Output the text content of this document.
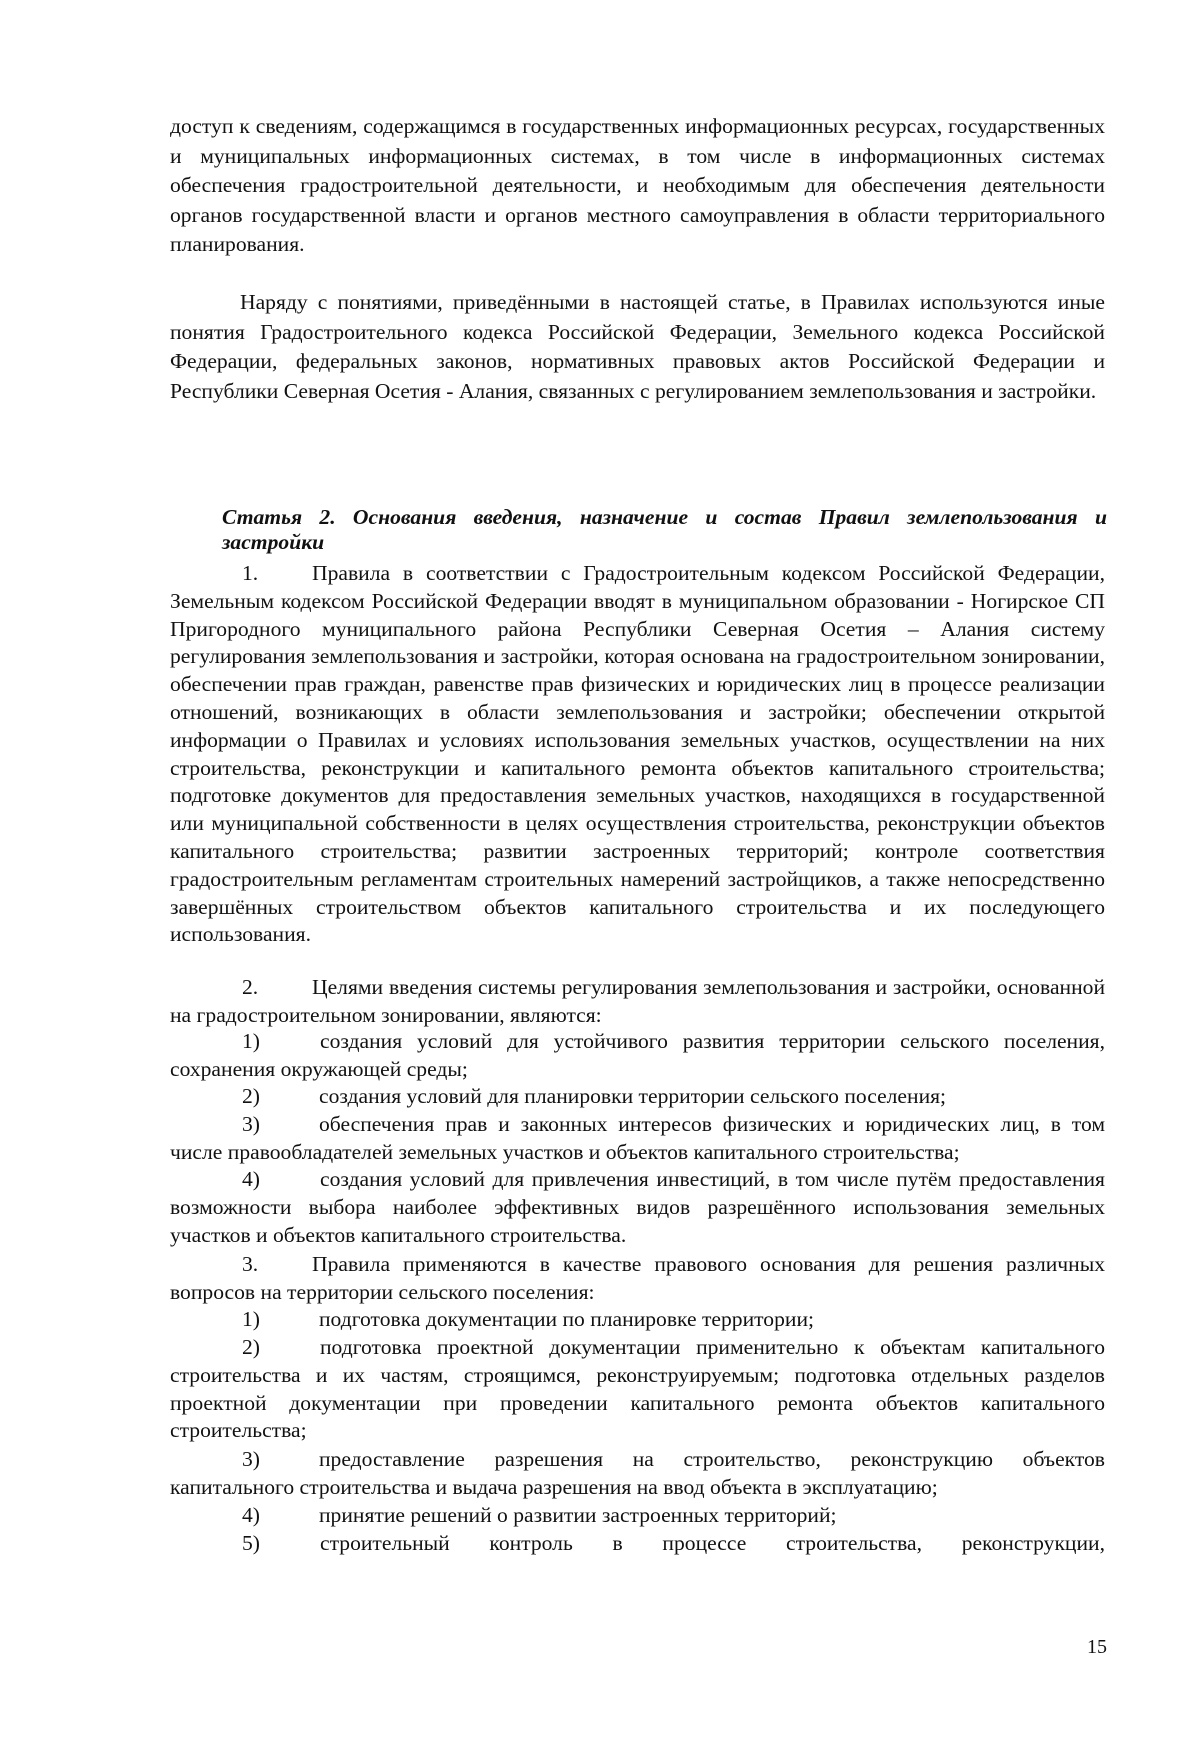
доступ к сведениям, содержащимся в государственных информационных ресурсах, государственных и муниципальных информационных системах, в том числе в информационных системах обеспечения градостроительной деятельности, и необходимым для обеспечения деятельности органов государственной власти и органов местного самоуправления в области территориального планирования.

Наряду с понятиями, приведёнными в настоящей статье, в Правилах используются иные понятия Градостроительного кодекса Российской Федерации, Земельного кодекса Российской Федерации, федеральных законов, нормативных правовых актов Российской Федерации и Республики Северная Осетия - Алания, связанных с регулированием землепользования и застройки.

Статья 2. Основания введения, назначение и состав Правил землепользования и застройки

1. Правила в соответствии с Градостроительным кодексом Российской Федерации, Земельным кодексом Российской Федерации вводят в муниципальном образовании - Ногирское СП Пригородного муниципального района Республики Северная Осетия – Алания систему регулирования землепользования и застройки, которая основана на градостроительном зонировании, обеспечении прав граждан, равенстве прав физических и юридических лиц в процессе реализации отношений, возникающих в области землепользования и застройки; обеспечении открытой информации о Правилах и условиях использования земельных участков, осуществлении на них строительства, реконструкции и капитального ремонта объектов капитального строительства; подготовке документов для предоставления земельных участков, находящихся в государственной или муниципальной собственности в целях осуществления строительства, реконструкции объектов капитального строительства; развитии застроенных территорий; контроле соответствия градостроительным регламентам строительных намерений застройщиков, а также непосредственно завершённых строительством объектов капитального строительства и их последующего использования.

2. Целями введения системы регулирования землепользования и застройки, основанной на градостроительном зонировании, являются:

1)	создания условий для устойчивого развития территории сельского поселения, сохранения окружающей среды;

2)	создания условий для планировки территории сельского поселения;

3)	обеспечения прав и законных интересов физических и юридических лиц, в том числе правообладателей земельных участков и объектов капитального строительства;

4)	создания условий для привлечения инвестиций, в том числе путём предоставления возможности выбора наиболее эффективных видов разрешённого использования земельных участков и объектов капитального строительства.

3. Правила применяются в качестве правового основания для решения различных вопросов на территории сельского поселения:

1)	подготовка документации по планировке территории;

2)	подготовка проектной документации применительно к объектам капитального строительства и их частям, строящимся, реконструируемым; подготовка отдельных разделов проектной документации при проведении капитального ремонта объектов капитального строительства;

3)	предоставление разрешения на строительство, реконструкцию объектов капитального строительства и выдача разрешения на ввод объекта в эксплуатацию;

4)	принятие решений о развитии застроенных территорий;

5)	строительный контроль в процессе строительства, реконструкции,

15
